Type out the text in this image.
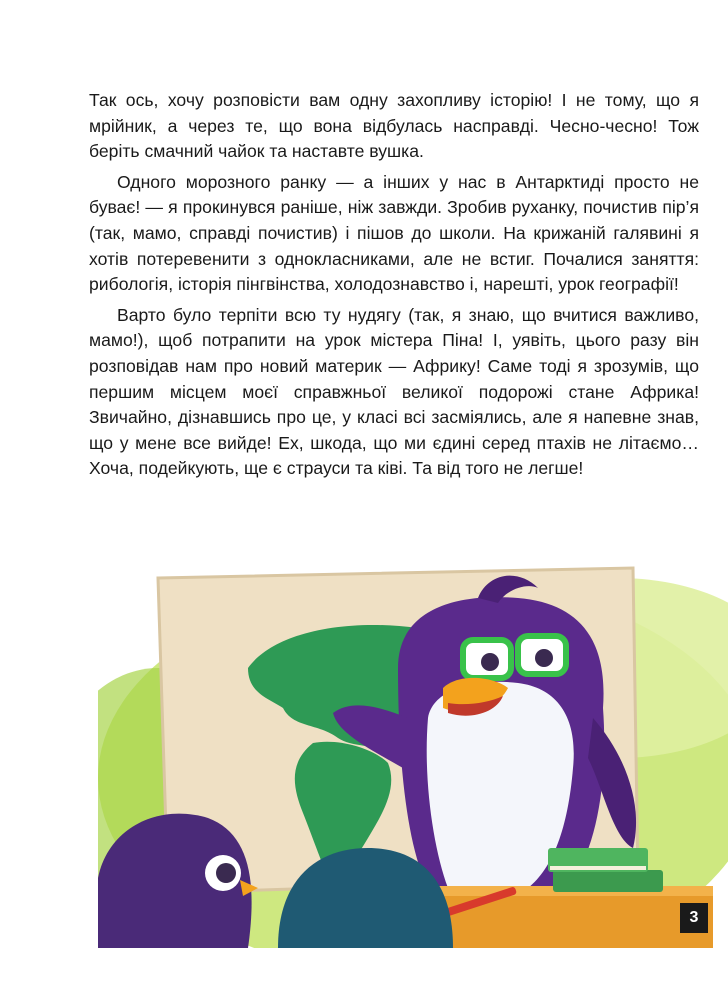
Так ось, хочу розповісти вам одну захопливу історію! І не тому, що я мрійник, а через те, що вона відбулась насправді. Чесно-чесно! Тож беріть смачний чайок та наставте вушка.

Одного морозного ранку — а інших у нас в Антарктиді просто не буває! — я прокинувся раніше, ніж завжди. Зробив руханку, почистив пір’я (так, мамо, справді почистив) і пішов до школи. На крижаній галявині я хотів потеревенити з однокласниками, але не встиг. Почалися заняття: рибологія, історія пінгвінства, холодознавство і, нарешті, урок географії!

Варто було терпіти всю ту нудягу (так, я знаю, що вчитися важливо, мамо!), щоб потрапити на урок містера Піна! І, уявіть, цього разу він розповідав нам про новий материк — Африку! Саме тоді я зрозумів, що першим місцем моєї справжньої великої подорожі стане Африка! Звичайно, дізнавшись про це, у класі всі засміялись, але я напевне знав, що у мене все вийде! Ех, шкода, що ми єдині серед птахів не літаємо… Хоча, подейкують, ще є страуси та ківі. Та від того не легше!

3
